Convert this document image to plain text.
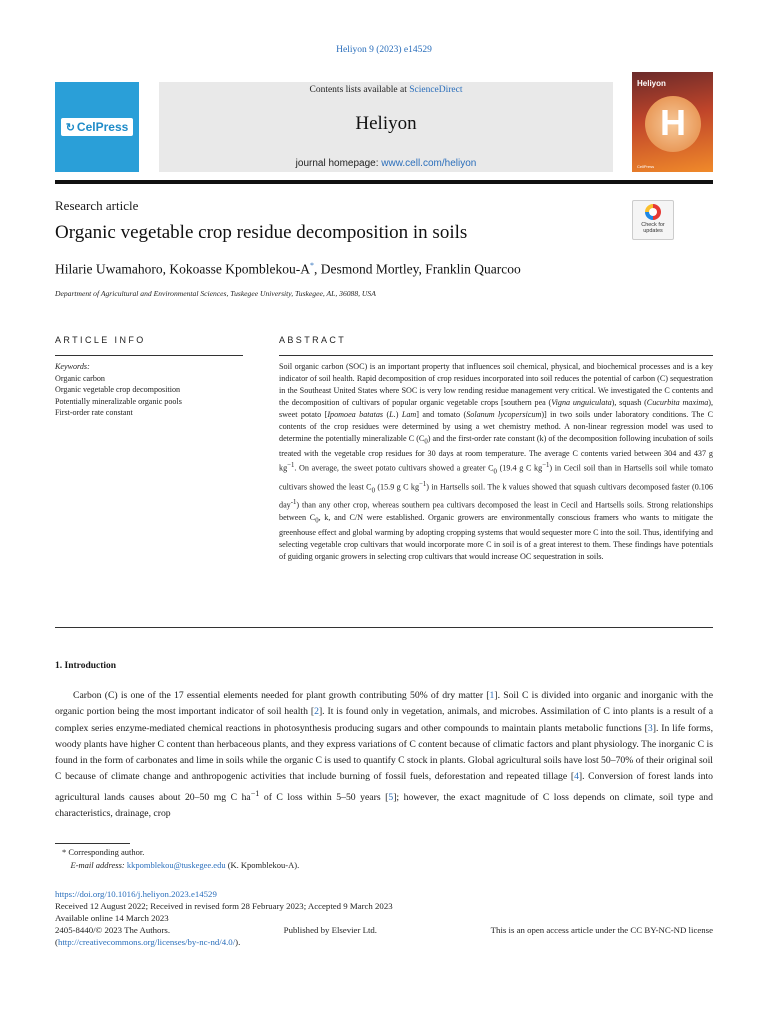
Heliyon 9 (2023) e14529
↻ CelPress
Contents lists available at ScienceDirect
Heliyon
journal homepage: www.cell.com/heliyon
Heliyon
H
CellPress
Research article
Organic vegetable crop residue decomposition in soils	Check for updates
Hilarie Uwamahoro, Kokoasse Kpomblekou-A*, Desmond Mortley, Franklin Quarcoo
Department of Agricultural and Environmental Sciences, Tuskegee University, Tuskegee, AL, 36088, USA
ARTICLE INFO	ABSTRACT
Keywords:
Organic carbon
Organic vegetable crop decomposition
Potentially mineralizable organic pools
First-order rate constant
Soil organic carbon (SOC) is an important property that influences soil chemical, physical, and biochemical processes and is a key indicator of soil health. Rapid decomposition of crop residues incorporated into soil reduces the potential of carbon (C) sequestration in the Southeast United States where SOC is very low rending residue management very critical. We investigated the C contents and the decomposition of cultivars of popular organic vegetable crops [southern pea (Vigna unguiculata), squash (Cucurbita maxima), sweet potato [Ipomoea batatas (L.) Lam] and tomato (Solanum lycopersicum)] in two soils under laboratory conditions. The C contents of the crop residues were determined by using a wet chemistry method. A non-linear regression model was used to determine the potentially mineralizable C $(C_0)$ and the first-order rate constant (k) of the decomposition following incubation of soils treated with the vegetable crop residues for 30 days at room temperature. The average C contents varied between 304 and 437 g $kg^{-1}$. On average, the sweet potato cultivars showed a greater $C_0$ (19.4 g C $kg^{-1}$) in Cecil soil than in Hartsells soil while tomato cultivars showed the least $C_0$ (15.9 g C $kg^{-1}$) in Hartsells soil. The k values showed that squash cultivars decomposed faster (0.106 day$^{-1}$) than any other crop, whereas southern pea cultivars decomposed the least in Cecil and Hartsells soils. Strong relationships between $C_0$, k, and C/N were established. Organic growers are environmentally conscious framers who wants to mitigate the greenhouse effect and global warming by adopting cropping systems that would sequester more C into the soil. Thus, identifying and selecting vegetable crop cultivars that would incorporate more C in soil is of a great interest to them. These findings have potentials of guiding organic growers in selecting crop cultivars that would increase OC sequestration in soils.
1. Introduction

Carbon (C) is one of the 17 essential elements needed for plant growth contributing 50% of dry matter [1]. Soil C is divided into organic and inorganic with the organic portion being the most important indicator of soil health [2]. It is found only in vegetation, animals, and microbes. Assimilation of C into plants is a result of a complex series enzyme-mediated chemical reactions in photosynthesis producing sugars and other compounds to maintain plants metabolic functions [3]. In life forms, woody plants have higher C content than herbaceous plants, and they express variations of C content because of climatic factors and plant physiology. The inorganic C is found in the form of carbonates and lime in soils while the organic C is used to quantify C stock in plants. Global agricultural soils have lost 50–70% of their original soil C because of climate change and anthropogenic activities that include burning of fossil fuels, deforestation and repeated tillage [4]. Conversion of forest lands into agricultural lands causes about 20–50 mg C $ha^{-1}$ of C loss within 5–50 years [5]; however, the exact magnitude of C loss depends on climate, soil type and characteristics, drainage, crop

* Corresponding author.
E-mail address: kkpomblekou@tuskegee.edu (K. Kpomblekou-A).
https://doi.org/10.1016/j.heliyon.2023.e14529
Received 12 August 2022; Received in revised form 28 February 2023; Accepted 9 March 2023
Available online 14 March 2023
2405-8440/© 2023 The Authors.	Published by Elsevier Ltd.	This is an open access article under the CC BY-NC-ND license
(http://creativecommons.org/licenses/by-nc-nd/4.0/).
